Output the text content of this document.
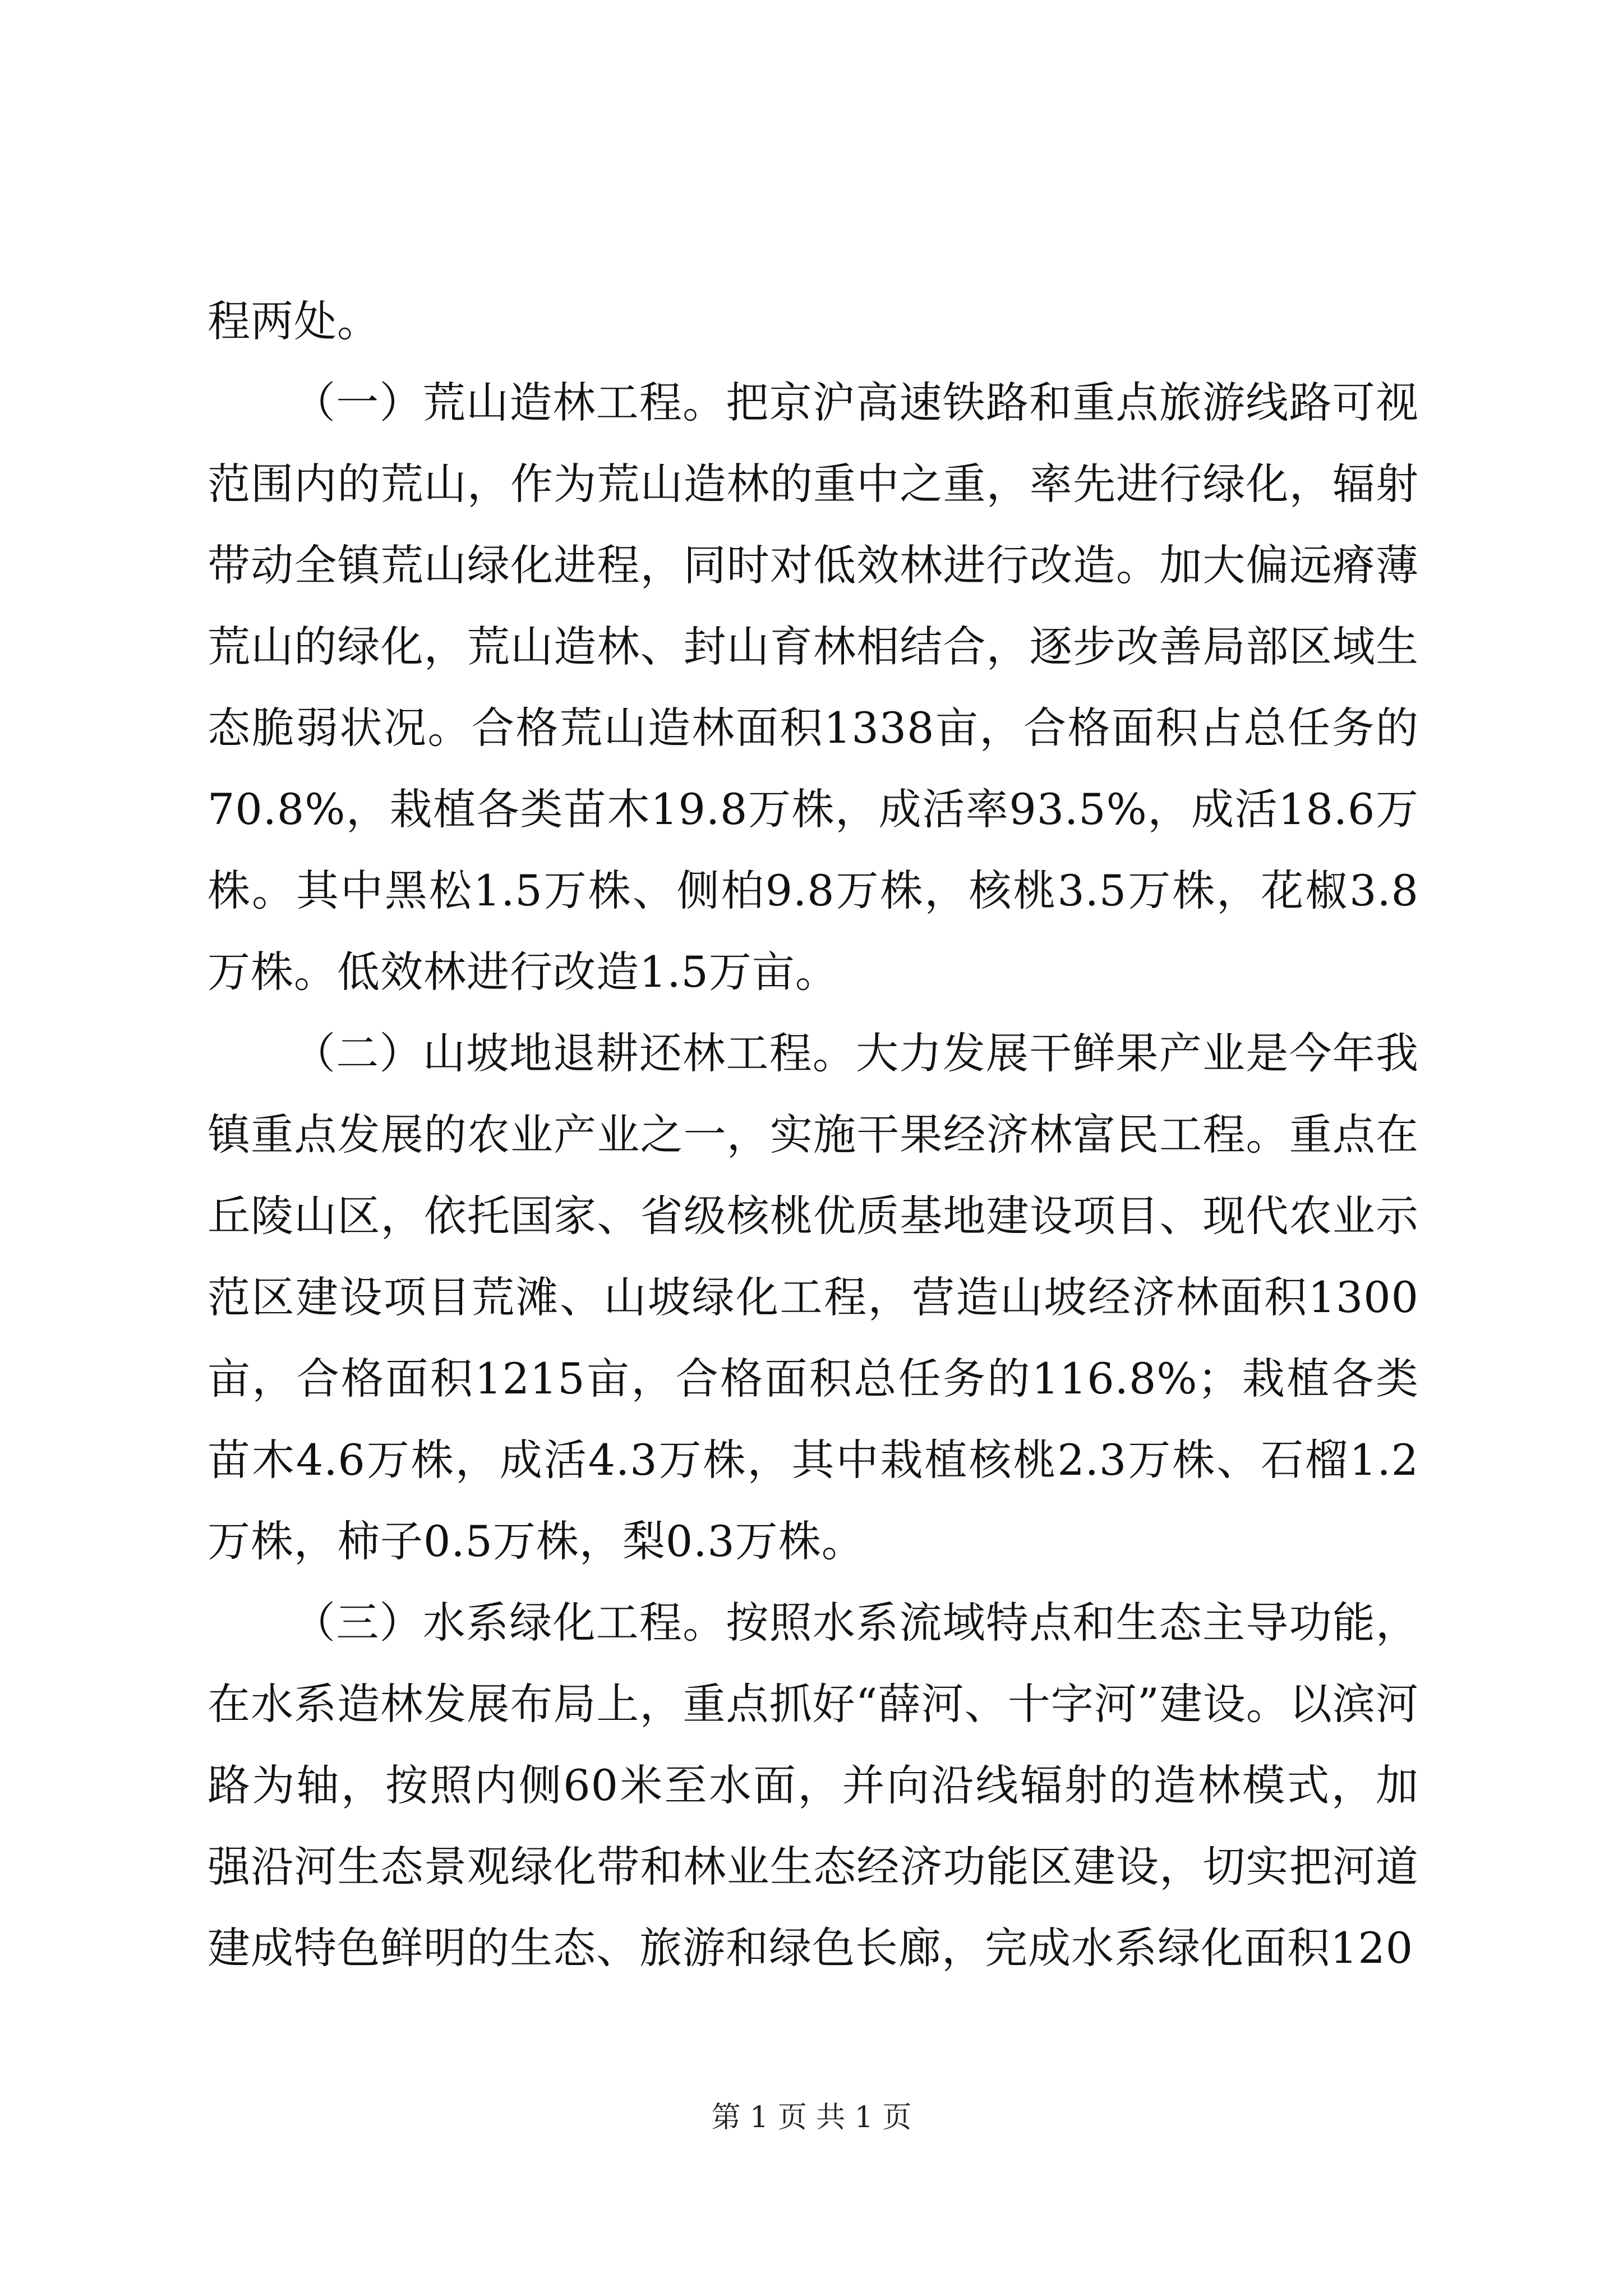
程两处。

（一）荒山造林工程。把京沪高速铁路和重点旅游线路可视范围内的荒山，作为荒山造林的重中之重，率先进行绿化，辐射带动全镇荒山绿化进程，同时对低效林进行改造。加大偏远瘠薄荒山的绿化，荒山造林、封山育林相结合，逐步改善局部区域生态脆弱状况。合格荒山造林面积1338亩，合格面积占总任务的70.8%，栽植各类苗木19.8万株，成活率93.5%，成活18.6万株。其中黑松1.5万株、侧柏9.8万株，核桃3.5万株，花椒3.8万株。低效林进行改造1.5万亩。

（二）山坡地退耕还林工程。大力发展干鲜果产业是今年我镇重点发展的农业产业之一，实施干果经济林富民工程。重点在丘陵山区，依托国家、省级核桃优质基地建设项目、现代农业示范区建设项目荒滩、山坡绿化工程，营造山坡经济林面积1300亩，合格面积1215亩，合格面积总任务的116.8%；栽植各类苗木4.6万株，成活4.3万株，其中栽植核桃2.3万株、石榴1.2万株，柿子0.5万株，梨0.3万株。

（三）水系绿化工程。按照水系流域特点和生态主导功能，在水系造林发展布局上，重点抓好“薛河、十字河”建设。以滨河路为轴，按照内侧60米至水面，并向沿线辐射的造林模式，加强沿河生态景观绿化带和林业生态经济功能区建设，切实把河道建成特色鲜明的生态、旅游和绿色长廊，完成水系绿化面积120

第 1 页 共 1 页
